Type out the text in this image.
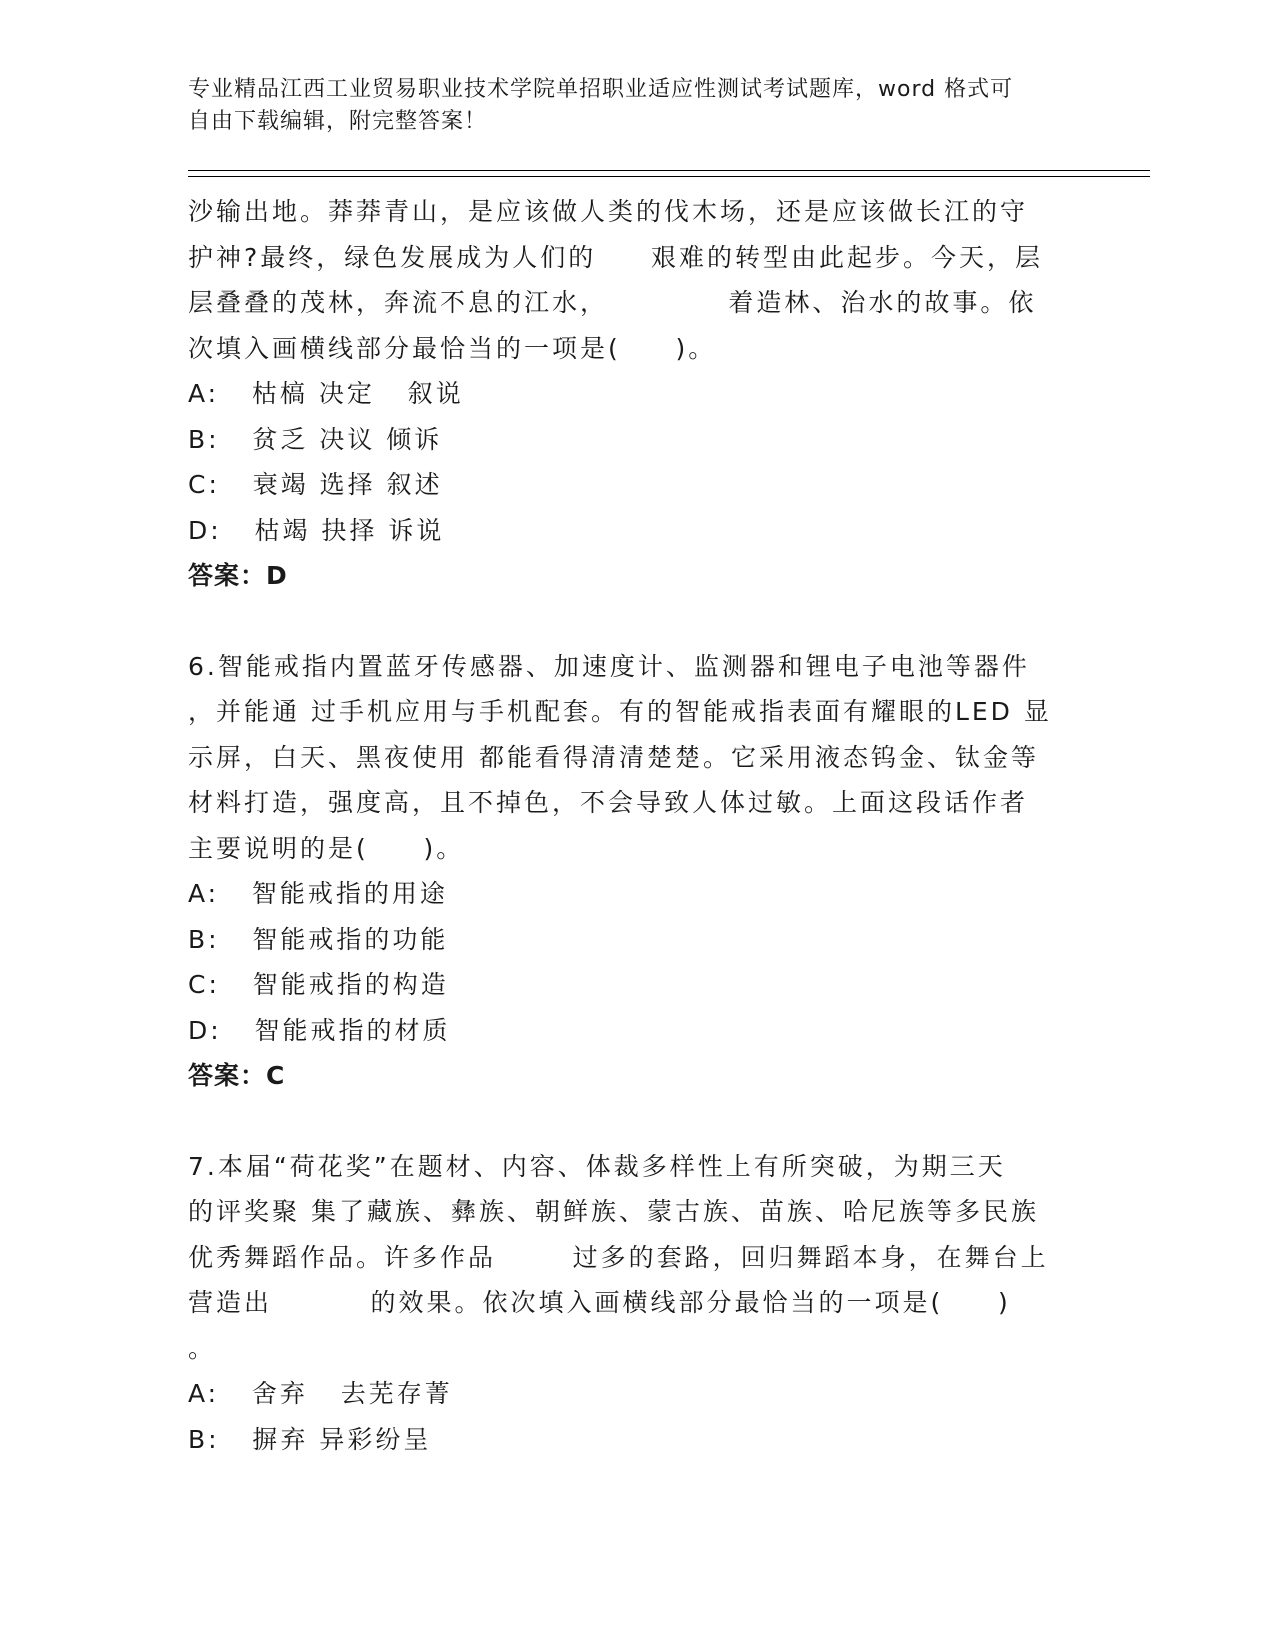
专业精品江西工业贸易职业技术学院单招职业适应性测试考试题库，word 格式可
自由下载编辑，附完整答案！

沙输出地。莽莽青山，是应该做人类的伐木场，还是应该做长江的守

护神?最终，绿色发展成为人们的     艰难的转型由此起步。今天，层

层叠叠的茂林，奔流不息的江水，           着造林、治水的故事。依

次填入画横线部分最恰当的一项是(     )。

A:   枯槁 决定   叙说

B:   贫乏 决议 倾诉

C:   衰竭 选择 叙述

D:   枯竭 抉择 诉说

答案：D

6.智能戒指内置蓝牙传感器、加速度计、监测器和锂电子电池等器件

，并能通 过手机应用与手机配套。有的智能戒指表面有耀眼的LED 显

示屏，白天、黑夜使用 都能看得清清楚楚。它采用液态钨金、钛金等

材料打造，强度高，且不掉色，不会导致人体过敏。上面这段话作者

主要说明的是(     )。

A:   智能戒指的用途

B:   智能戒指的功能

C:   智能戒指的构造

D:   智能戒指的材质

答案：C

7.本届“荷花奖”在题材、内容、体裁多样性上有所突破，为期三天

的评奖聚 集了藏族、彝族、朝鲜族、蒙古族、苗族、哈尼族等多民族

优秀舞蹈作品。许多作品       过多的套路，回归舞蹈本身，在舞台上

营造出         的效果。依次填入画横线部分最恰当的一项是(     )

。

A:   舍弃   去芜存菁

B:   摒弃 异彩纷呈
